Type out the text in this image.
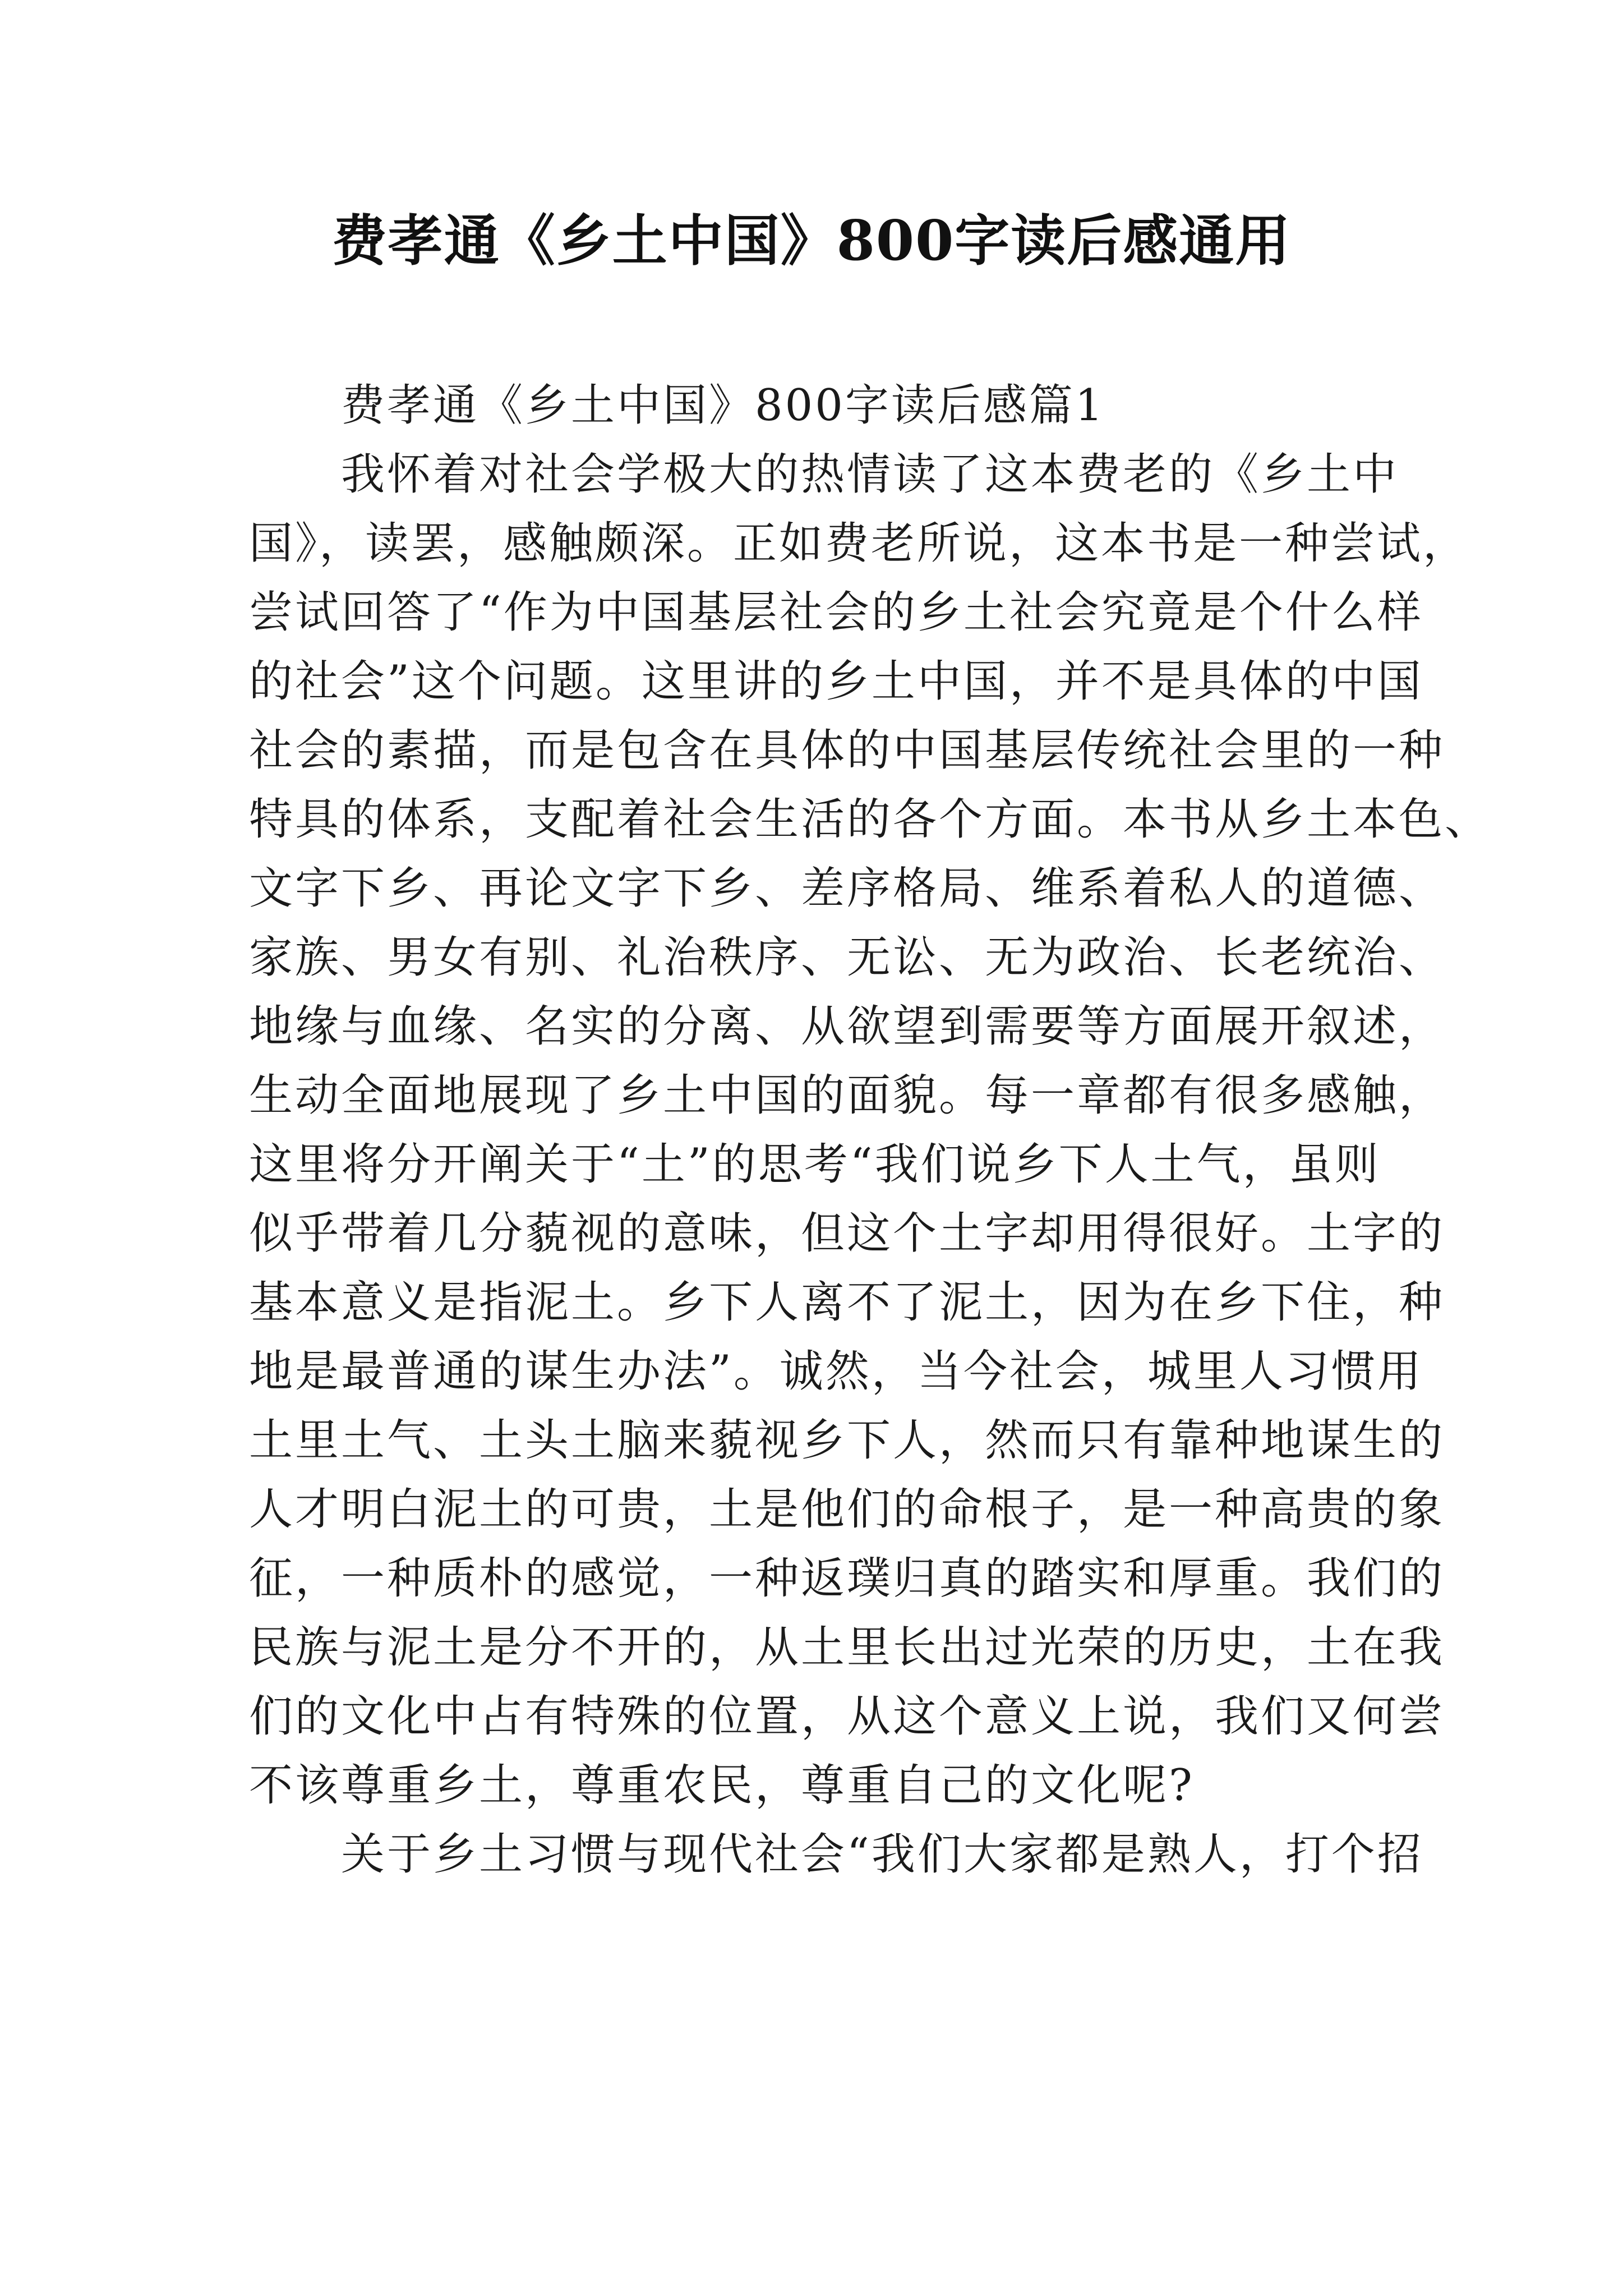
费孝通《乡土中国》800字读后感通用
费孝通《乡土中国》800字读后感篇1
我怀着对社会学极大的热情读了这本费老的《乡土中
国》，读罢，感触颇深。正如费老所说，这本书是一种尝试，
尝试回答了“作为中国基层社会的乡土社会究竟是个什么样
的社会”这个问题。这里讲的乡土中国，并不是具体的中国
社会的素描，而是包含在具体的中国基层传统社会里的一种
特具的体系，支配着社会生活的各个方面。本书从乡土本色、
文字下乡、再论文字下乡、差序格局、维系着私人的道德、
家族、男女有别、礼治秩序、无讼、无为政治、长老统治、
地缘与血缘、名实的分离、从欲望到需要等方面展开叙述，
生动全面地展现了乡土中国的面貌。每一章都有很多感触，
这里将分开阐关于“土”的思考“我们说乡下人土气，虽则
似乎带着几分藐视的意味，但这个土字却用得很好。土字的
基本意义是指泥土。乡下人离不了泥土，因为在乡下住，种
地是最普通的谋生办法”。诚然，当今社会，城里人习惯用
土里土气、土头土脑来藐视乡下人，然而只有靠种地谋生的
人才明白泥土的可贵，土是他们的命根子，是一种高贵的象
征，一种质朴的感觉，一种返璞归真的踏实和厚重。我们的
民族与泥土是分不开的，从土里长出过光荣的历史，土在我
们的文化中占有特殊的位置，从这个意义上说，我们又何尝
不该尊重乡土，尊重农民，尊重自己的文化呢?
关于乡土习惯与现代社会“我们大家都是熟人，打个招
